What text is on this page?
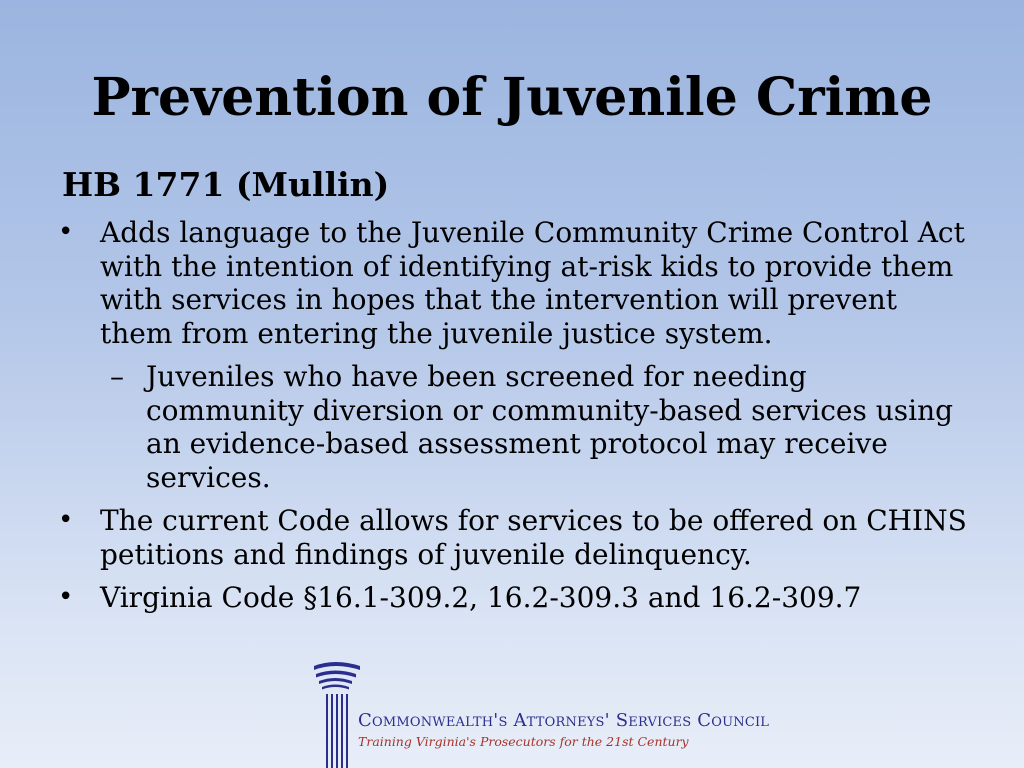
Prevention of Juvenile Crime
HB 1771 (Mullin)
• Adds language to the Juvenile Community Crime Control Act with the intention of identifying at-risk kids to provide them with services in hopes that the intervention will prevent them from entering the juvenile justice system.
– Juveniles who have been screened for needing community diversion or community-based services using an evidence-based assessment protocol may receive services.
• The current Code allows for services to be offered on CHINS petitions and findings of juvenile delinquency.
• Virginia Code §16.1-309.2, 16.2-309.3 and 16.2-309.7
Commonwealth's Attorneys' Services Council
Training Virginia's Prosecutors for the 21st Century
